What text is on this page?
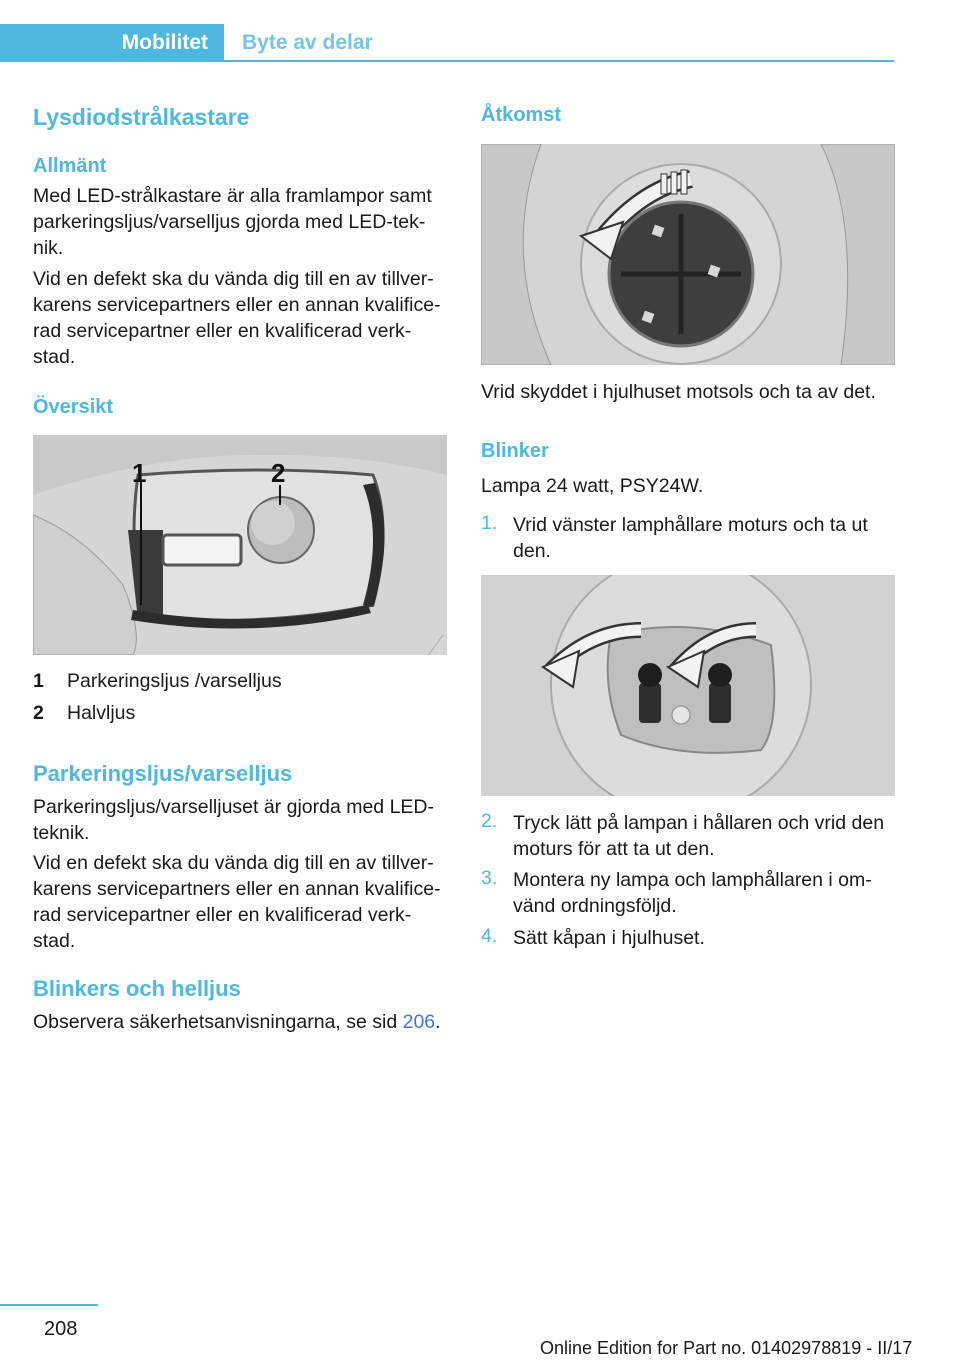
Mobilitet	Byte av delar
Lysdiodstrålkastare
Allmänt
Med LED-strålkastare är alla framlampor samt parkeringsljus/varselljus gjorda med LED-tek-nik.
Vid en defekt ska du vända dig till en av tillver-karens servicepartners eller en annan kvalifice-rad servicepartner eller en kvalificerad verk-stad.
Översikt
1	2
1 Parkeringsljus /varselljus
2 Halvljus
Parkeringsljus/varselljus
Parkeringsljus/varselljuset är gjorda med LED-teknik.
Vid en defekt ska du vända dig till en av tillver-karens servicepartners eller en annan kvalifice-rad servicepartner eller en kvalificerad verk-stad.
Blinkers och helljus
Observera säkerhetsanvisningarna, se sid 206.
Åtkomst
Vrid skyddet i hjulhuset motsols och ta av det.
Blinker
Lampa 24 watt, PSY24W.
1. Vrid vänster lamphållare moturs och ta ut den.
2. Tryck lätt på lampan i hållaren och vrid den moturs för att ta ut den.
3. Montera ny lampa och lamphållaren i om-vänd ordningsföljd.
4. Sätt kåpan i hjulhuset.
208
Online Edition for Part no. 01402978819 - II/17
